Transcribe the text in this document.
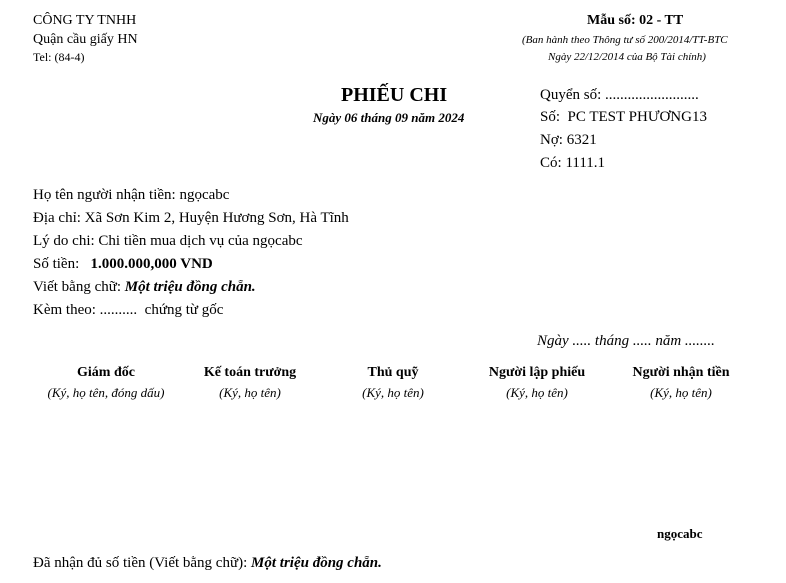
CÔNG TY TNHH
Quận cầu giấy HN
Tel: (84-4)
Mẫu số: 02 - TT
(Ban hành theo Thông tư số 200/2014/TT-BTC
Ngày 22/12/2014 của Bộ Tài chính)
PHIẾU CHI
Ngày 06 tháng 09 năm 2024
Quyển số: .........................
Số: PC TEST PHƯƠNG13
Nợ: 6321
Có: 1111.1
Họ tên người nhận tiền: ngọcabc
Địa chỉ: Xã Sơn Kim 2, Huyện Hương Sơn, Hà Tĩnh
Lý do chi: Chi tiền mua dịch vụ của ngọcabc
Số tiền: 1.000.000,000 VND
Viết bằng chữ: Một triệu đồng chẵn.
Kèm theo: .......... chứng từ gốc
Ngày ..... tháng ..... năm ........
Giám đốc
(Ký, họ tên, đóng dấu)
Kế toán trưởng
(Ký, họ tên)
Thủ quỹ
(Ký, họ tên)
Người lập phiếu
(Ký, họ tên)
Người nhận tiền
(Ký, họ tên)
ngọcabc
Đã nhận đủ số tiền (Viết bằng chữ): Một triệu đồng chẵn.
